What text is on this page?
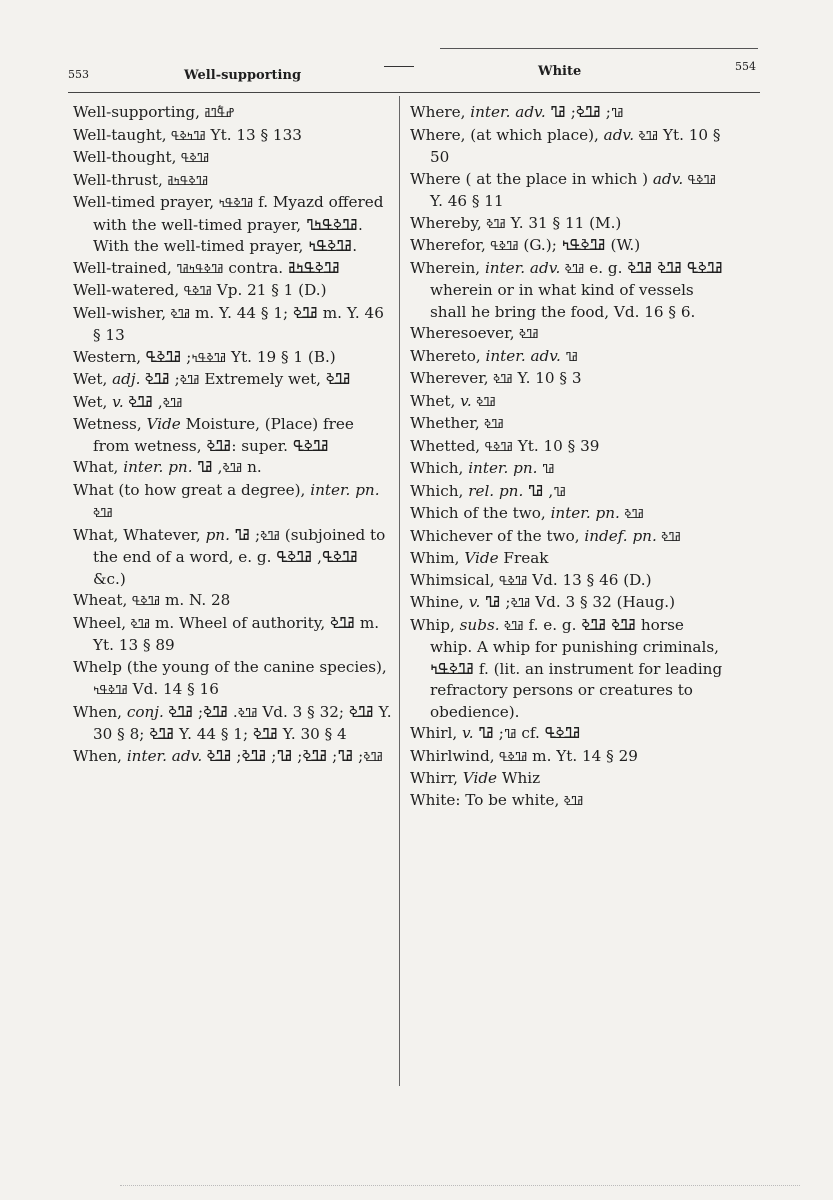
553	Well-supporting	White	554

Well-supporting, ߝߟ߱ߣߥ

Well-taught, ߥߣߤߢߟ Yt. 13 § 133

Well-thought, ߥߣߢߟ

Well-thrust, ߥߣߢߟߤߥ

Well-timed prayer, ߥߣߢߟߤ f. Myazd offered with the well-timed prayer, ߥߣߢߟߤߣ. With the well-timed prayer, ߥߣߢߟߤ.

Well-trained, ߥߣߢߟߤߥߣ contra. ߥߣߢߟߤߥ

Well-watered, ߥߣߢߟ Vp. 21 § 1 (D.)

Well-wisher, ߥߣߢ m. Y. 44 § 1; ߥߣߢ m. Y. 46 § 13

Western, ߥߣߢߟߤ; ߥߣߢߟ Yt. 19 § 1 (B.)

Wet, adj. ߥߣߢ; ߥߣߢ Extremely wet, ߥߣߢ

Wet, v. ߥߣߢ, ߥߣߢ

Wetness, Vide Moisture, (Place) free from wetness, ߥߣߢ: super. ߥߣߢߟ

What, inter. pn. ߥߣߢ, ߥߣ n.

What (to how great a degree), inter. pn. ߥߣߢ

What, Whatever, pn. ߥߣߢ; ߥߣ (subjoined to the end of a word, e. g. ߥߣߢߟ, ߥߣߢߟ &c.)

Wheat, ߥߣߢߟ m. N. 28

Wheel, ߥߣߢ m. Wheel of authority, ߥߣߢ m. Yt. 13 § 89

Whelp (the young of the canine species), ߥߣߢߟߤ Vd. 14 § 16

When, conj. ߥߣߢ. ߥߣߢ; ߥߣߢ Vd. 3 § 32; ߥߣߢ Y. 30 § 8; ߥߣߢ Y. 44 § 1; ߥߣߢ Y. 30 § 4

When, inter. adv. ߥߣߢ; ߥߣ; ߥߣߢ; ߥߣ; ߥߣߢ; ߥߣߢ

Where, inter. adv. ߥߣ; ߥߣߢ; ߥߣ

Where, (at which place), adv. ߥߣߢ Yt. 10 § 50

Where ( at the place in which ) adv. ߥߣߢߟ Y. 46 § 11

Whereby, ߥߣߢ Y. 31 § 11 (M.)

Wherefor, ߥߣߢߟ (G.); ߥߣߢߟߤ (W.)

Wherein, inter. adv. ߥߣߢ e. g. ߥߣߢߟ ߥߣߢ ߥߣߢ wherein or in what kind of vessels shall he bring the food, Vd. 16 § 6.

Wheresoever, ߥߣߢ

Whereto, inter. adv. ߥߣ

Wherever, ߥߣߢ Y. 10 § 3

Whet, v. ߥߣߢ

Whether, ߥߣߢ

Whetted, ߥߣߢߟ Yt. 10 § 39

Which, inter. pn. ߥߣ

Which, rel. pn. ߥߣ, ߥߣ

Which of the two, inter. pn. ߥߣߢ

Whichever of the two, indef. pn. ߥߣߢ

Whim, Vide Freak

Whimsical, ߥߣߢߟ Vd. 13 § 46 (D.)

Whine, v. ߥߣߢ; ߥߣ Vd. 3 § 32 (Haug.)

Whip, subs. ߥߣߢ f. e. g. ߥߣߢ ߥߣߢ horse whip. A whip for punishing criminals, ߥߣߢߟߤ f. (lit. an instrument for leading refractory persons or creatures to obedience).

Whirl, v. ߥߣ; ߥߣ cf. ߥߣߢߟ

Whirlwind, ߥߣߢߟ m. Yt. 14 § 29

Whirr, Vide Whiz

White: To be white, ߥߣߢ
